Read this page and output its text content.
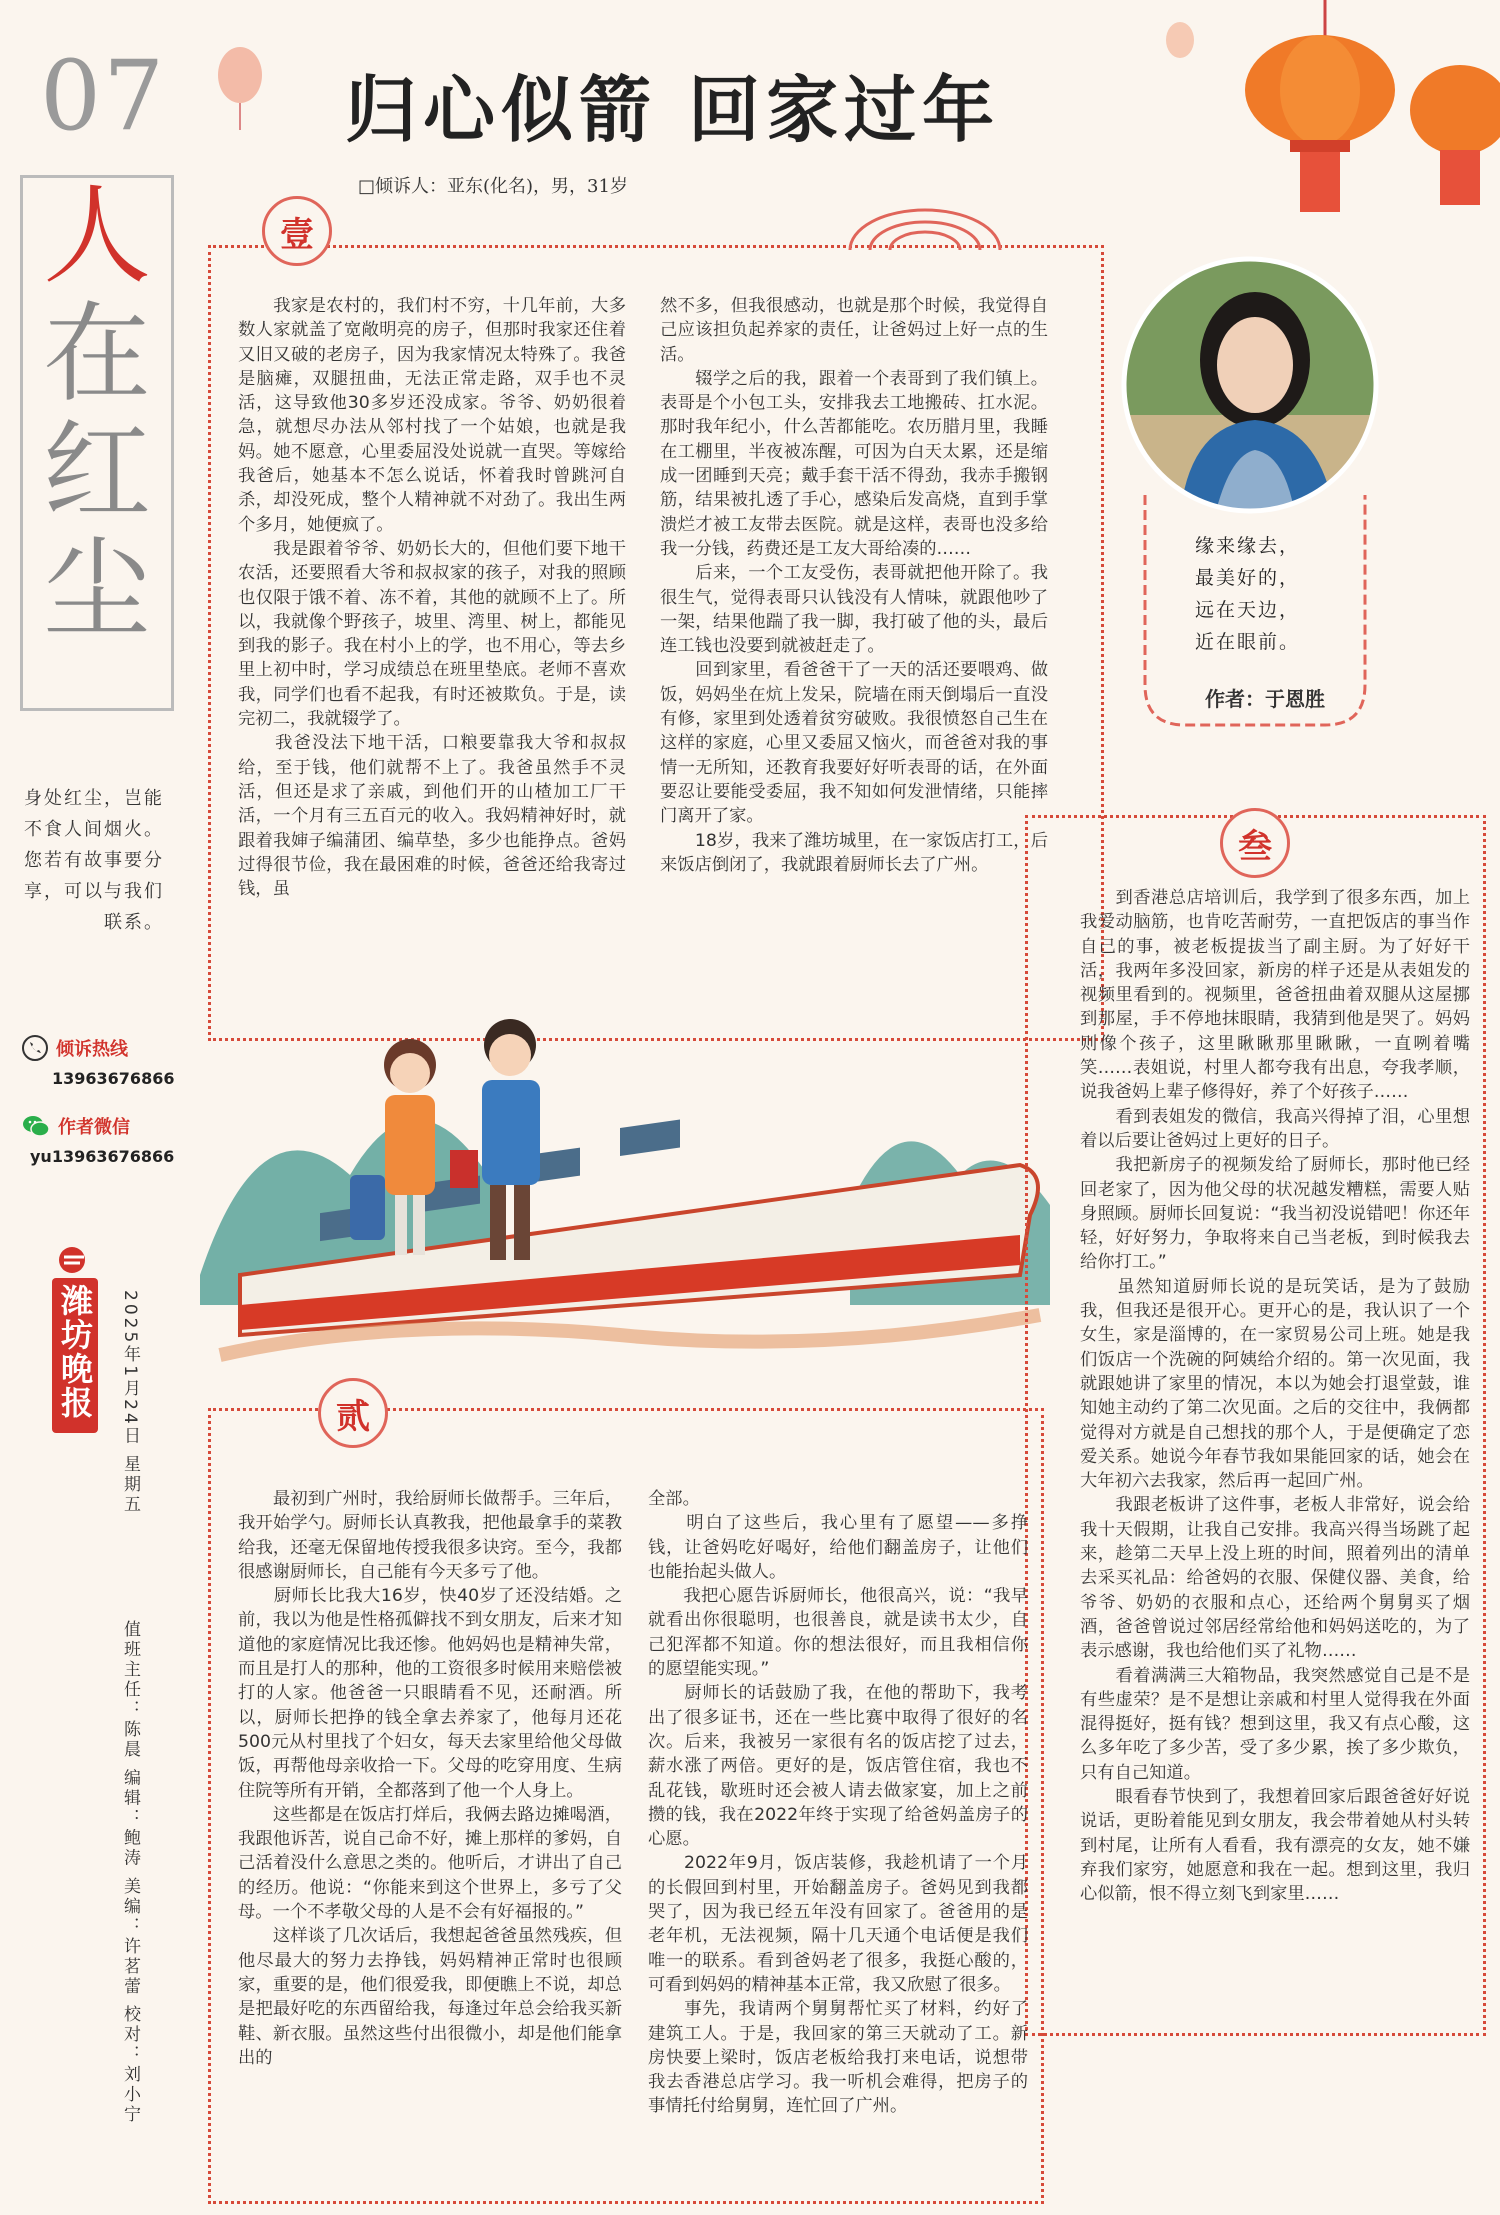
07
人
在
红
尘
身处红尘，岂能不食人间烟火。您若有故事要分享，可以与我们联系。
倾诉热线
13963676866
作者微信
yu13963676866
潍坊晚报 2025年1月24日 星期五
值班主任：陈晨 编辑：鲍涛 美编：许茗蕾 校对：刘小宁
归心似箭 回家过年
□倾诉人：亚东(化名)，男，31岁
壹

　　我家是农村的，我们村不穷，十几年前，大多数人家就盖了宽敞明亮的房子，但那时我家还住着又旧又破的老房子，因为我家情况太特殊了。我爸是脑瘫，双腿扭曲，无法正常走路，双手也不灵活，这导致他30多岁还没成家。爷爷、奶奶很着急，就想尽办法从邻村找了一个姑娘，也就是我妈。她不愿意，心里委屈没处说就一直哭。等嫁给我爸后，她基本不怎么说话，怀着我时曾跳河自杀，却没死成，整个人精神就不对劲了。我出生两个多月，她便疯了。
　　我是跟着爷爷、奶奶长大的，但他们要下地干农活，还要照看大爷和叔叔家的孩子，对我的照顾也仅限于饿不着、冻不着，其他的就顾不上了。所以，我就像个野孩子，坡里、湾里、树上，都能见到我的影子。我在村小上的学，也不用心，等去乡里上初中时，学习成绩总在班里垫底。老师不喜欢我，同学们也看不起我，有时还被欺负。于是，读完初二，我就辍学了。
　　我爸没法下地干活，口粮要靠我大爷和叔叔给，至于钱，他们就帮不上了。我爸虽然手不灵活，但还是求了亲戚，到他们开的山楂加工厂干活，一个月有三五百元的收入。我妈精神好时，就跟着我婶子编蒲团、编草垫，多少也能挣点。爸妈过得很节俭，我在最困难的时候，爸爸还给我寄过钱，虽

然不多，但我很感动，也就是那个时候，我觉得自己应该担负起养家的责任，让爸妈过上好一点的生活。
　　辍学之后的我，跟着一个表哥到了我们镇上。表哥是个小包工头，安排我去工地搬砖、扛水泥。那时我年纪小，什么苦都能吃。农历腊月里，我睡在工棚里，半夜被冻醒，可因为白天太累，还是缩成一团睡到天亮；戴手套干活不得劲，我赤手搬钢筋，结果被扎透了手心，感染后发高烧，直到手掌溃烂才被工友带去医院。就是这样，表哥也没多给我一分钱，药费还是工友大哥给凑的……
　　后来，一个工友受伤，表哥就把他开除了。我很生气，觉得表哥只认钱没有人情味，就跟他吵了一架，结果他踹了我一脚，我打破了他的头，最后连工钱也没要到就被赶走了。
　　回到家里，看爸爸干了一天的活还要喂鸡、做饭，妈妈坐在炕上发呆，院墙在雨天倒塌后一直没有修，家里到处透着贫穷破败。我很愤怒自己生在这样的家庭，心里又委屈又恼火，而爸爸对我的事情一无所知，还教育我要好好听表哥的话，在外面要忍让要能受委屈，我不知如何发泄情绪，只能摔门离开了家。
　　18岁，我来了潍坊城里，在一家饭店打工，后来饭店倒闭了，我就跟着厨师长去了广州。

缘来缘去，
最美好的，
远在天边，
近在眼前。
作者：于恩胜
叁

　　到香港总店培训后，我学到了很多东西，加上我爱动脑筋，也肯吃苦耐劳，一直把饭店的事当作自己的事，被老板提拔当了副主厨。为了好好干活，我两年多没回家，新房的样子还是从表姐发的视频里看到的。视频里，爸爸扭曲着双腿从这屋挪到那屋，手不停地抹眼睛，我猜到他是哭了。妈妈则像个孩子，这里瞅瞅那里瞅瞅，一直咧着嘴笑……表姐说，村里人都夸我有出息，夸我孝顺，说我爸妈上辈子修得好，养了个好孩子……
　　看到表姐发的微信，我高兴得掉了泪，心里想着以后要让爸妈过上更好的日子。
　　我把新房子的视频发给了厨师长，那时他已经回老家了，因为他父母的状况越发糟糕，需要人贴身照顾。厨师长回复说：“我当初没说错吧！你还年轻，好好努力，争取将来自己当老板，到时候我去给你打工。”
　　虽然知道厨师长说的是玩笑话，是为了鼓励我，但我还是很开心。更开心的是，我认识了一个女生，家是淄博的，在一家贸易公司上班。她是我们饭店一个洗碗的阿姨给介绍的。第一次见面，我就跟她讲了家里的情况，本以为她会打退堂鼓，谁知她主动约了第二次见面。之后的交往中，我俩都觉得对方就是自己想找的那个人，于是便确定了恋爱关系。她说今年春节我如果能回家的话，她会在大年初六去我家，然后再一起回广州。
　　我跟老板讲了这件事，老板人非常好，说会给我十天假期，让我自己安排。我高兴得当场跳了起来，趁第二天早上没上班的时间，照着列出的清单去采买礼品：给爸妈的衣服、保健仪器、美食，给爷爷、奶奶的衣服和点心，还给两个舅舅买了烟酒，爸爸曾说过邻居经常给他和妈妈送吃的，为了表示感谢，我也给他们买了礼物……
　　看着满满三大箱物品，我突然感觉自己是不是有些虚荣？是不是想让亲戚和村里人觉得我在外面混得挺好，挺有钱？想到这里，我又有点心酸，这么多年吃了多少苦，受了多少累，挨了多少欺负，只有自己知道。
　　眼看春节快到了，我想着回家后跟爸爸好好说说话，更盼着能见到女朋友，我会带着她从村头转到村尾，让所有人看看，我有漂亮的女友，她不嫌弃我们家穷，她愿意和我在一起。想到这里，我归心似箭，恨不得立刻飞到家里……

贰

　　最初到广州时，我给厨师长做帮手。三年后，我开始学勺。厨师长认真教我，把他最拿手的菜教给我，还毫无保留地传授我很多诀窍。至今，我都很感谢厨师长，自己能有今天多亏了他。
　　厨师长比我大16岁，快40岁了还没结婚。之前，我以为他是性格孤僻找不到女朋友，后来才知道他的家庭情况比我还惨。他妈妈也是精神失常，而且是打人的那种，他的工资很多时候用来赔偿被打的人家。他爸爸一只眼睛看不见，还耐酒。所以，厨师长把挣的钱全拿去养家了，他每月还花500元从村里找了个妇女，每天去家里给他父母做饭，再帮他母亲收拾一下。父母的吃穿用度、生病住院等所有开销，全都落到了他一个人身上。
　　这些都是在饭店打烊后，我俩去路边摊喝酒，我跟他诉苦，说自己命不好，摊上那样的爹妈，自己活着没什么意思之类的。他听后，才讲出了自己的经历。他说：“你能来到这个世界上，多亏了父母。一个不孝敬父母的人是不会有好福报的。”
　　这样谈了几次话后，我想起爸爸虽然残疾，但他尽最大的努力去挣钱，妈妈精神正常时也很顾家，重要的是，他们很爱我，即便瞧上不说，却总是把最好吃的东西留给我，每逢过年总会给我买新鞋、新衣服。虽然这些付出很微小，却是他们能拿出的

全部。
　　明白了这些后，我心里有了愿望——多挣钱，让爸妈吃好喝好，给他们翻盖房子，让他们也能抬起头做人。
　　我把心愿告诉厨师长，他很高兴，说：“我早就看出你很聪明，也很善良，就是读书太少，自己犯浑都不知道。你的想法很好，而且我相信你的愿望能实现。”
　　厨师长的话鼓励了我，在他的帮助下，我考出了很多证书，还在一些比赛中取得了很好的名次。后来，我被另一家很有名的饭店挖了过去，薪水涨了两倍。更好的是，饭店管住宿，我也不乱花钱，歇班时还会被人请去做家宴，加上之前攒的钱，我在2022年终于实现了给爸妈盖房子的心愿。
　　2022年9月，饭店装修，我趁机请了一个月的长假回到村里，开始翻盖房子。爸妈见到我都哭了，因为我已经五年没有回家了。爸爸用的是老年机，无法视频，隔十几天通个电话便是我们唯一的联系。看到爸妈老了很多，我挺心酸的，可看到妈妈的精神基本正常，我又欣慰了很多。
　　事先，我请两个舅舅帮忙买了材料，约好了建筑工人。于是，我回家的第三天就动了工。新房快要上梁时，饭店老板给我打来电话，说想带我去香港总店学习。我一听机会难得，把房子的事情托付给舅舅，连忙回了广州。
